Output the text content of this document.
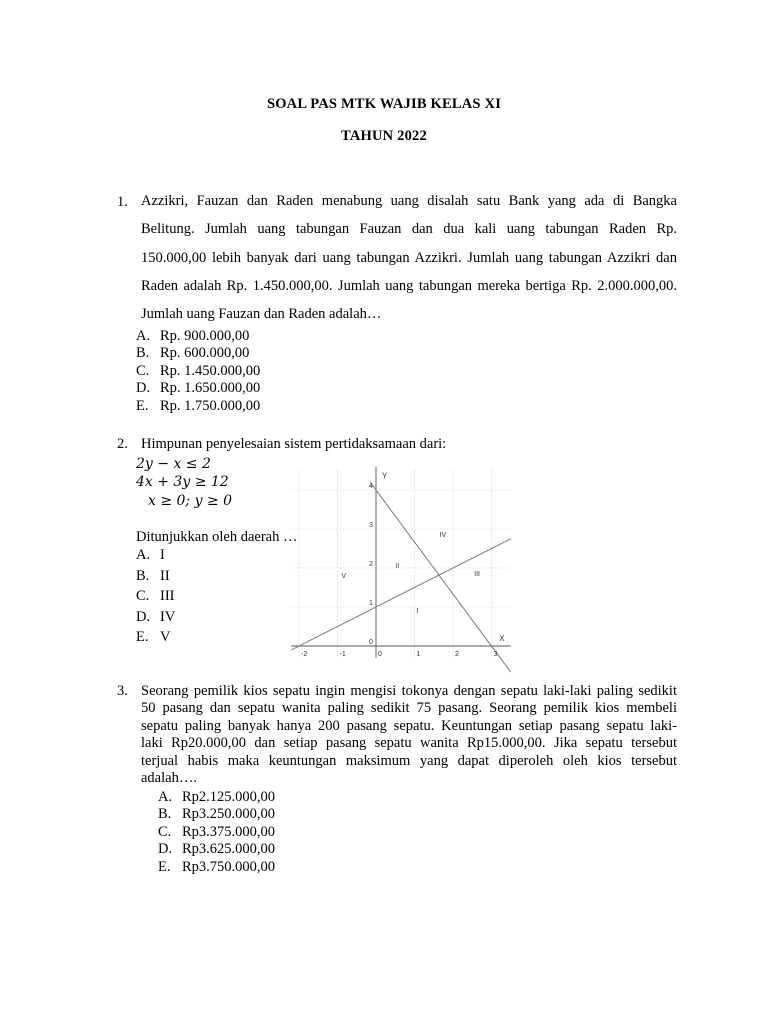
SOAL PAS MTK WAJIB KELAS XI
TAHUN 2022
1. Azzikri, Fauzan dan Raden menabung uang disalah satu Bank yang ada di Bangka
Belitung. Jumlah uang tabungan Fauzan dan dua kali uang tabungan Raden Rp.
150.000,00 lebih banyak dari uang tabungan Azzikri. Jumlah uang tabungan Azzikri dan
Raden adalah Rp. 1.450.000,00. Jumlah uang tabungan mereka bertiga Rp. 2.000.000,00.
Jumlah uang Fauzan dan Raden adalah…
A. Rp. 900.000,00
B. Rp. 600.000,00
C. Rp. 1.450.000,00
D. Rp. 1.650.000,00
E. Rp. 1.750.000,00
2. Himpunan penyelesaian sistem pertidaksamaan dari:
2y − x ≤ 2
4x + 3y ≥ 12
x ≥ 0; y ≥ 0
Ditunjukkan oleh daerah …
A. I
B. II
C. III
D. IV
E. V
-2	-1	0	1	2	3
1
2
3
4
0	X
Y
I
II
III
IV
V
3. Seorang pemilik kios sepatu ingin mengisi tokonya dengan sepatu laki-laki paling sedikit
50 pasang dan sepatu wanita paling sedikit 75 pasang. Seorang pemilik kios membeli
sepatu paling banyak hanya 200 pasang sepatu. Keuntungan setiap pasang sepatu laki-
laki Rp20.000,00 dan setiap pasang sepatu wanita Rp15.000,00. Jika sepatu tersebut
terjual habis maka keuntungan maksimum yang dapat diperoleh oleh kios tersebut
adalah….
A. Rp2.125.000,00
B. Rp3.250.000,00
C. Rp3.375.000,00
D. Rp3.625.000,00
E. Rp3.750.000,00
